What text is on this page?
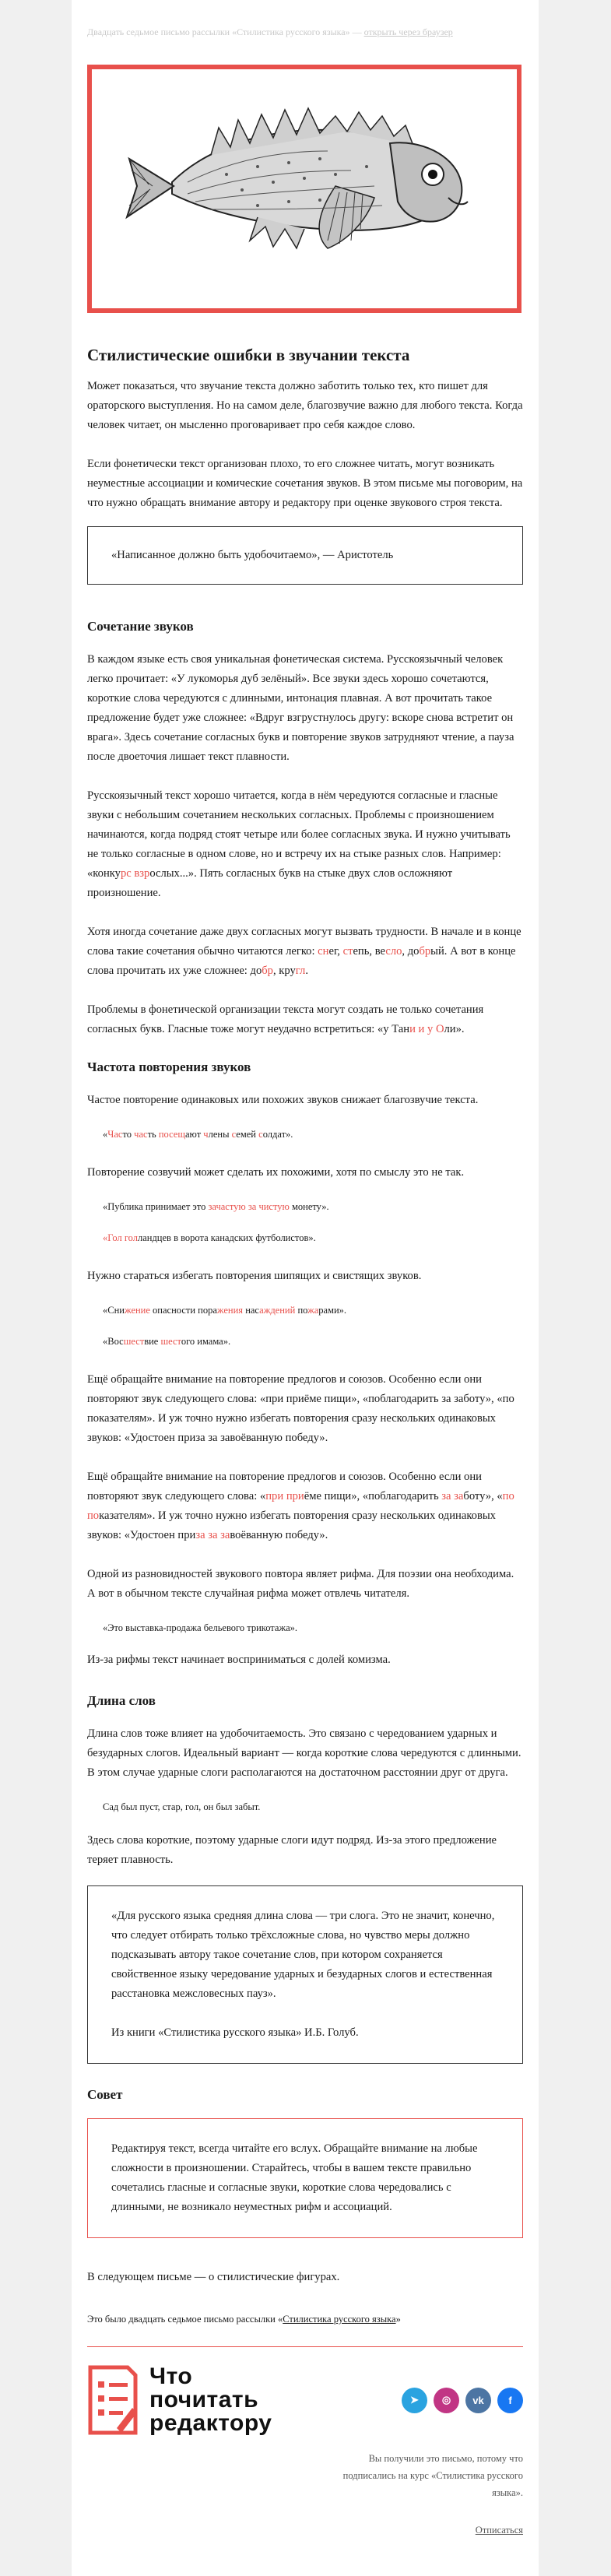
Двадцать седьмое письмо рассылки «Стилистика русского языка» — открыть через браузер
Стилистические ошибки в звучании текста

Может показаться, что звучание текста должно заботить только тех, кто пишет для ораторского выступления. Но на самом деле, благозвучие важно для любого текста. Когда человек читает, он мысленно проговаривает про себя каждое слово.

Если фонетически текст организован плохо, то его сложнее читать, могут возникать неуместные ассоциации и комические сочетания звуков. В этом письме мы поговорим, на что нужно обращать внимание автору и редактору при оценке звукового строя текста.

«Написанное должно быть удобочитаемо», — Аристотель
Сочетание звуков

В каждом языке есть своя уникальная фонетическая система. Русскоязычный человек легко прочитает: «У лукоморья дуб зелёный». Все звуки здесь хорошо сочетаются, короткие слова чередуются с длинными, интонация плавная. А вот прочитать такое предложение будет уже сложнее: «Вдруг взгрустнулось другу: вскоре снова встретит он врага». Здесь сочетание согласных букв и повторение звуков затрудняют чтение, а пауза после двоеточия лишает текст плавности.

Русскоязычный текст хорошо читается, когда в нём чередуются согласные и гласные звуки с небольшим сочетанием нескольких согласных. Проблемы с произношением начинаются, когда подряд стоят четыре или более согласных звука. И нужно учитывать не только согласные в одном слове, но и встречу их на стыке разных слов. Например: «конкурс взрослых...». Пять согласных букв на стыке двух слов осложняют произношение.

Хотя иногда сочетание даже двух согласных могут вызвать трудности. В начале и в конце слова такие сочетания обычно читаются легко: снег, степь, весло, добрый. А вот в конце слова прочитать их уже сложнее: добр, кругл.

Проблемы в фонетической организации текста могут создать не только сочетания согласных букв. Гласные тоже могут неудачно встретиться: «у Тани и у Оли».

Частота повторения звуков

Частое повторение одинаковых или похожих звуков снижает благозвучие текста.

«Часто часть посещают члены семей солдат».

Повторение созвучий может сделать их похожими, хотя по смыслу это не так.

«Публика принимает это зачастую за чистую монету».

«Гол голландцев в ворота канадских футболистов».

Нужно стараться избегать повторения шипящих и свистящих звуков.

«Снижение опасности поражения насаждений пожарами».

«Восшествие шестого имама».

Ещё обращайте внимание на повторение предлогов и союзов. Особенно если они повторяют звук следующего слова: «при приёме пищи», «поблагодарить за заботу», «по показателям». И уж точно нужно избегать повторения сразу нескольких одинаковых звуков: «Удостоен приза за завоёванную победу».

Ещё обращайте внимание на повторение предлогов и союзов. Особенно если они повторяют звук следующего слова: «при приёме пищи», «поблагодарить за заботу», «по показателям». И уж точно нужно избегать повторения сразу нескольких одинаковых звуков: «Удостоен приза за завоёванную победу».

Одной из разновидностей звукового повтора являет рифма. Для поэзии она необходима. А вот в обычном тексте случайная рифма может отвлечь читателя.

«Это выставка-продажа бельевого трикотажа».

Из-за рифмы текст начинает восприниматься с долей комизма.

Длина слов

Длина слов тоже влияет на удобочитаемость. Это связано с чередованием ударных и безударных слогов. Идеальный вариант — когда короткие слова чередуются с длинными. В этом случае ударные слоги располагаются на достаточном расстоянии друг от друга.

Сад был пуст, стар, гол, он был забыт.

Здесь слова короткие, поэтому ударные слоги идут подряд. Из-за этого предложение теряет плавность.

«Для русского языка средняя длина слова — три слога. Это не значит, конечно, что следует отбирать только трёхсложные слова, но чувство меры должно подсказывать автору такое сочетание слов, при котором сохраняется свойственное языку чередование ударных и безударных слогов и естественная расстановка межсловесных пауз».
Из книги «Стилистика русского языка» И.Б. Голуб.
Совет
Редактируя текст, всегда читайте его вслух. Обращайте внимание на любые сложности в произношении. Старайтесь, чтобы в вашем тексте правильно сочетались гласные и согласные звуки, короткие слова чередовались с длинными, не возникало неуместных рифм и ассоциаций.

В следующем письме — о стилистические фигурах.

Это было двадцать седьмое письмо рассылки «Стилистика русского языка»

Что
почитать
редактору
➤	◎	vk	f
Вы получили это письмо, потому что подписались на курс «Стилистика русского языка».
Отписаться
